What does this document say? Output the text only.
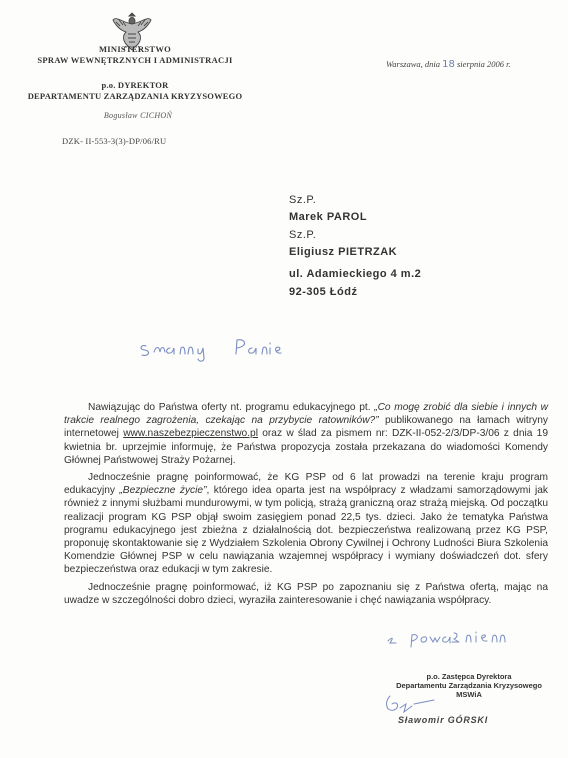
MINISTERSTWO
SPRAW WEWNĘTRZNYCH I ADMINISTRACJI
p.o. DYREKTOR
DEPARTAMENTU ZARZĄDZANIA KRYZYSOWEGO
Bogusław CICHOŃ
DZK- II-553-3(3)-DP/06/RU
Warszawa, dnia 18 sierpnia 2006 r.
Sz.P.
Marek PAROL
Sz.P.
Eligiusz PIETRZAK
ul. Adamieckiego 4 m.2
92-305 Łódź

Nawiązując do Państwa oferty nt. programu edukacyjnego pt. „Co mogę zrobić dla siebie i innych w trakcie realnego zagrożenia, czekając na przybycie ratowników?” publikowanego na łamach witryny internetowej www.naszebezpieczenstwo.pl oraz w ślad za pismem nr: DZK-II-052-2/3/DP-3/06 z dnia 19 kwietnia br. uprzejmie informuję, że Państwa propozycja została przekazana do wiadomości Komendy Głównej Państwowej Straży Pożarnej.

Jednocześnie pragnę poinformować, że KG PSP od 6 lat prowadzi na terenie kraju program edukacyjny „Bezpieczne życie”, którego idea oparta jest na współpracy z władzami samorządowymi jak również z innymi służbami mundurowymi, w tym policją, strażą graniczną oraz strażą miejską. Od początku realizacji program KG PSP objął swoim zasięgiem ponad 22,5 tys. dzieci. Jako że tematyka Państwa programu edukacyjnego jest zbieżna z działalnością dot. bezpieczeństwa realizowaną przez KG PSP, proponuję skontaktowanie się z Wydziałem Szkolenia Obrony Cywilnej i Ochrony Ludności Biura Szkolenia Komendzie Głównej PSP w celu nawiązania wzajemnej współpracy i wymiany doświadczeń dot. sfery bezpieczeństwa oraz edukacji w tym zakresie.

Jednocześnie pragnę poinformować, iż KG PSP po zapoznaniu się z Państwa ofertą, mając na uwadze w szczególności dobro dzieci, wyraziła zainteresowanie i chęć nawiązania współpracy.

p.o. Zastępca Dyrektora
Departamentu Zarządzania Kryzysowego
MSWiA
Sławomir GÓRSKI
